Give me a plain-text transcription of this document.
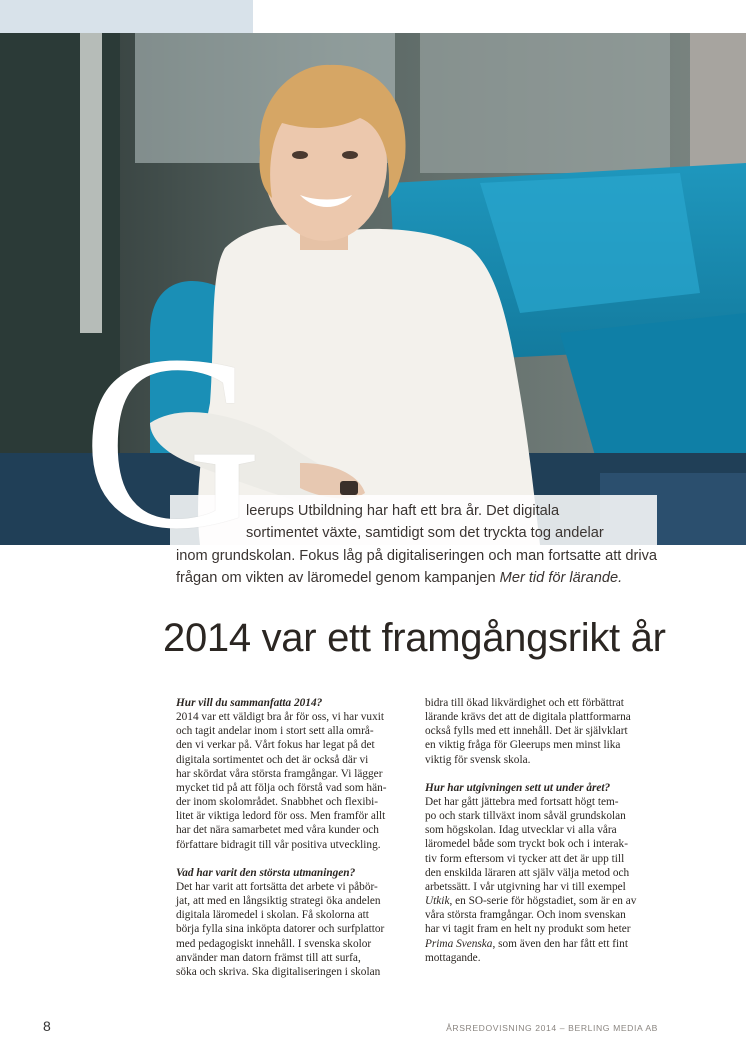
G

leerups Utbildning har haft ett bra år. Det digitala
sortimentet växte, samtidigt som det tryckta tog andelar
inom grundskolan. Fokus låg på digitaliseringen och man fortsatte att driva
frågan om vikten av läromedel genom kampanjen Mer tid för lärande.

2014 var ett framgångsrikt år
Hur vill du sammanfatta 2014?

2014 var ett väldigt bra år för oss, vi har vuxit
och tagit andelar inom i stort sett alla områ-
den vi verkar på. Vårt fokus har legat på det
digitala sortimentet och det är också där vi
har skördat våra största framgångar. Vi lägger
mycket tid på att följa och förstå vad som hän-
der inom skolområdet. Snabbhet och flexibi-
litet är viktiga ledord för oss. Men framför allt
har det nära samarbetet med våra kunder och
författare bidragit till vår positiva utveckling.

Vad har varit den största utmaningen?

Det har varit att fortsätta det arbete vi påbör-
jat, att med en långsiktig strategi öka andelen
digitala läromedel i skolan. Få skolorna att
börja fylla sina inköpta datorer och surfplattor
med pedagogiskt innehåll. I svenska skolor
använder man datorn främst till att surfa,
söka och skriva. Ska digitaliseringen i skolan

bidra till ökad likvärdighet och ett förbättrat
lärande krävs det att de digitala plattformarna
också fylls med ett innehåll. Det är självklart
en viktig fråga för Gleerups men minst lika
viktig för svensk skola.

Hur har utgivningen sett ut under året?

Det har gått jättebra med fortsatt högt tem-
po och stark tillväxt inom såväl grundskolan
som högskolan. Idag utvecklar vi alla våra
läromedel både som tryckt bok och i interak-
tiv form eftersom vi tycker att det är upp till
den enskilda läraren att själv välja metod och
arbetssätt. I vår utgivning har vi till exempel
Utkik, en SO-serie för högstadiet, som är en av
våra största framgångar. Och inom svenskan
har vi tagit fram en helt ny produkt som heter
Prima Svenska, som även den har fått ett fint
mottagande.

8	ÅRSREDOVISNING 2014 – BERLING MEDIA AB
